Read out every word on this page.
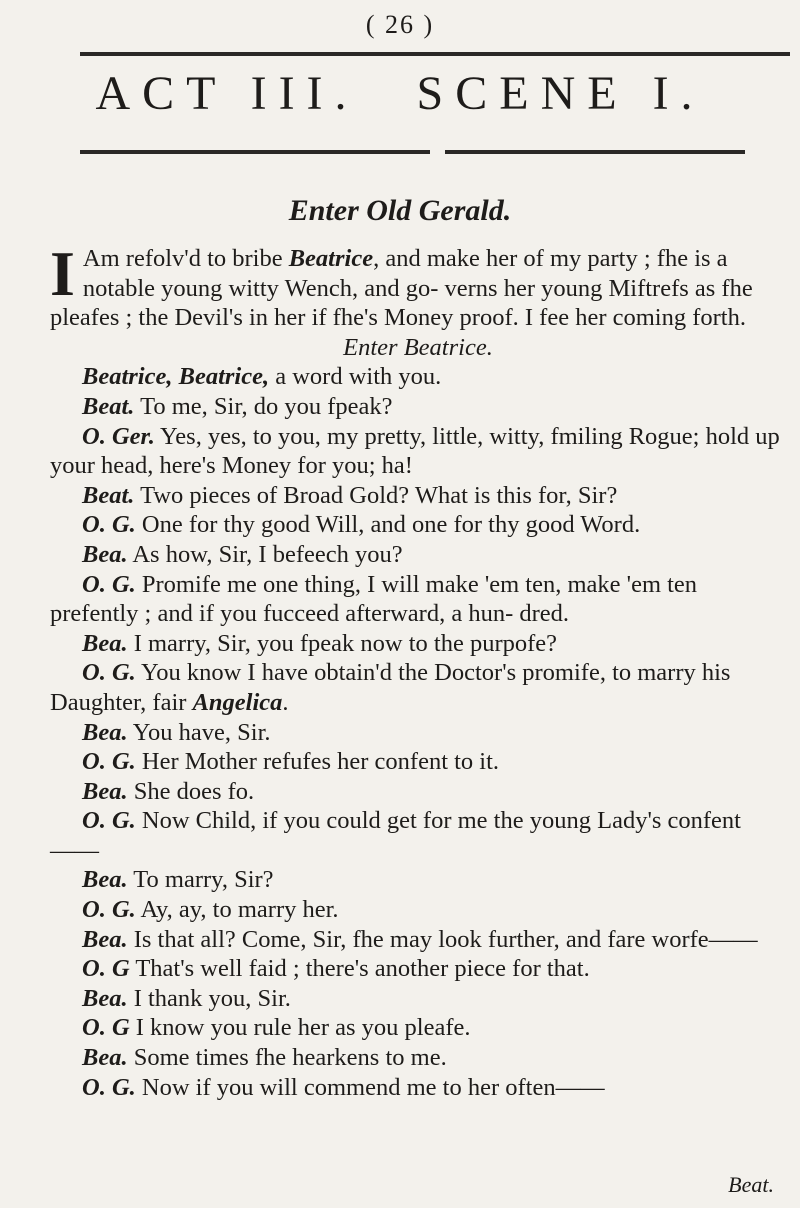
( 26 )
ACT III. SCENE I.
Enter Old Gerald.

I Am refolv'd to bribe Beatrice, and make her of my party ; fhe is a notable young witty Wench, and go- verns her young Miftrefs as fhe pleafes ; the Devil's in her if fhe's Money proof. I fee her coming forth.

Enter Beatrice.

Beatrice, Beatrice, a word with you.

Beat. To me, Sir, do you fpeak?

O. Ger. Yes, yes, to you, my pretty, little, witty, fmiling Rogue; hold up your head, here's Money for you; ha!

Beat. Two pieces of Broad Gold? What is this for, Sir?

O. G. One for thy good Will, and one for thy good Word.

Bea. As how, Sir, I befeech you?

O. G. Promife me one thing, I will make 'em ten, make 'em ten prefently ; and if you fucceed afterward, a hun- dred.

Bea. I marry, Sir, you fpeak now to the purpofe?

O. G. You know I have obtain'd the Doctor's promife, to marry his Daughter, fair Angelica.

Bea. You have, Sir.

O. G. Her Mother refufes her confent to it.

Bea. She does fo.

O. G. Now Child, if you could get for me the young Lady's confent——

Bea. To marry, Sir?

O. G. Ay, ay, to marry her.

Bea. Is that all? Come, Sir, fhe may look further, and fare worfe——

O. G That's well faid ; there's another piece for that.

Bea. I thank you, Sir.

O. G I know you rule her as you pleafe.

Bea. Some times fhe hearkens to me.

O. G. Now if you will commend me to her often——

Beat.
